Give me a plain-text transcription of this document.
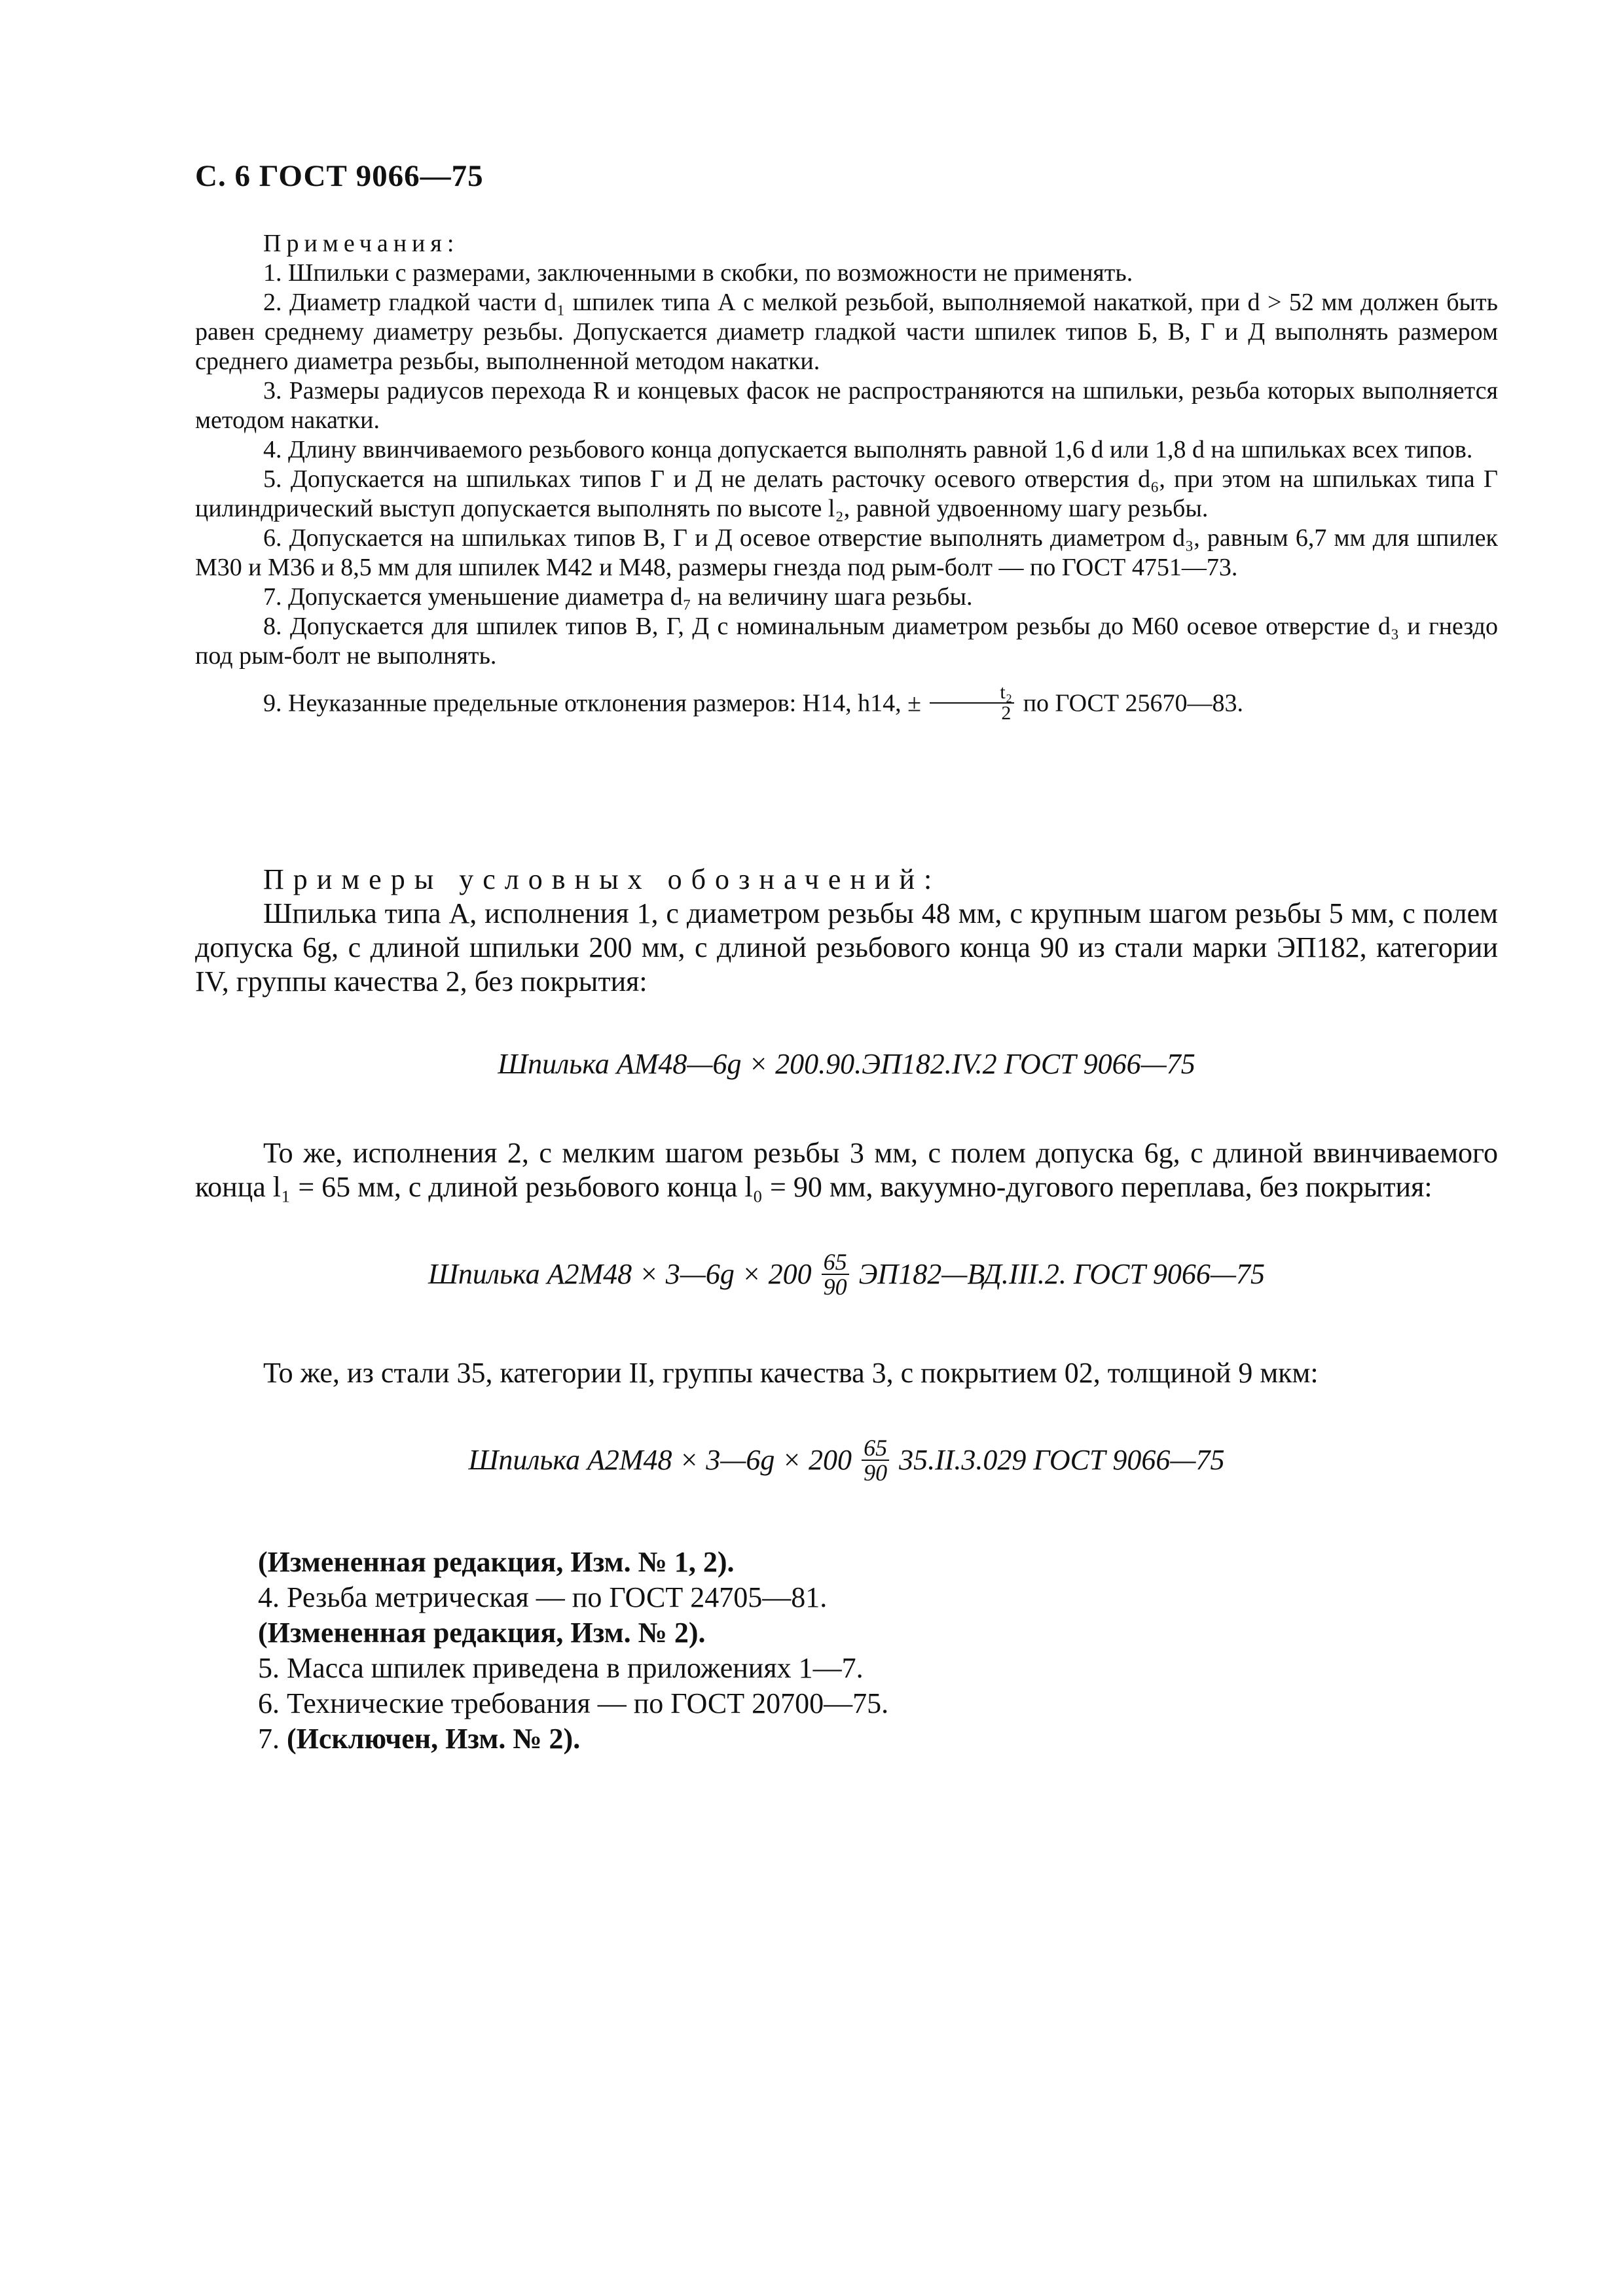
С. 6 ГОСТ 9066—75

Примечания:

1. Шпильки с размерами, заключенными в скобки, по возможности не применять.

2. Диаметр гладкой части d₁ шпилек типа А с мелкой резьбой, выполняемой накаткой, при d > 52 мм должен быть равен среднему диаметру резьбы. Допускается диаметр гладкой части шпилек типов Б, В, Г и Д выполнять размером среднего диаметра резьбы, выполненной методом накатки.

3. Размеры радиусов перехода R и концевых фасок не распространяются на шпильки, резьба которых выполняется методом накатки.

4. Длину ввинчиваемого резьбового конца допускается выполнять равной 1,6 d или 1,8 d на шпильках всех типов.

5. Допускается на шпильках типов Г и Д не делать расточку осевого отверстия d₆, при этом на шпильках типа Г цилиндрический выступ допускается выполнять по высоте l₂, равной удвоенному шагу резьбы.

6. Допускается на шпильках типов В, Г и Д осевое отверстие выполнять диаметром d₃, равным 6,7 мм для шпилек М30 и М36 и 8,5 мм для шпилек М42 и М48, размеры гнезда под рым-болт — по ГОСТ 4751—73.

7. Допускается уменьшение диаметра d₇ на величину шага резьбы.

8. Допускается для шпилек типов В, Г, Д с номинальным диаметром резьбы до М60 осевое отверстие d₃ и гнездо под рым-болт не выполнять.

9. Неуказанные предельные отклонения размеров: Н14, h14, ± $\frac{\text{t₂}}{2}$ по ГОСТ 25670—83.

Примеры условных обозначений:

Шпилька типа А, исполнения 1, с диаметром резьбы 48 мм, с крупным шагом резьбы 5 мм, с полем допуска 6g, с длиной шпильки 200 мм, с длиной резьбового конца 90 из стали марки ЭП182, категории IV, группы качества 2, без покрытия:

Шпилька АМ48—6g × 200.90.ЭП182.IV.2 ГОСТ 9066—75

То же, исполнения 2, с мелким шагом резьбы 3 мм, с полем допуска 6g, с длиной ввинчиваемого конца l₁ = 65 мм, с длиной резьбового конца l₀ = 90 мм, вакуумно-дугового переплава, без покрытия:

Шпилька А2М48 × 3—6g × $200 \frac{65}{90}$ ЭП182—ВД.III.2. ГОСТ 9066—75

То же, из стали 35, категории II, группы качества 3, с покрытием 02, толщиной 9 мкм:

Шпилька А2М48 × 3—6g × $200 \frac{65}{90} 35.II.3.029$ ГОСТ 9066—75

(Измененная редакция, Изм. № 1, 2).

4. Резьба метрическая — по ГОСТ 24705—81.

(Измененная редакция, Изм. № 2).

5. Масса шпилек приведена в приложениях 1—7.

6. Технические требования — по ГОСТ 20700—75.

7. (Исключен, Изм. № 2).
